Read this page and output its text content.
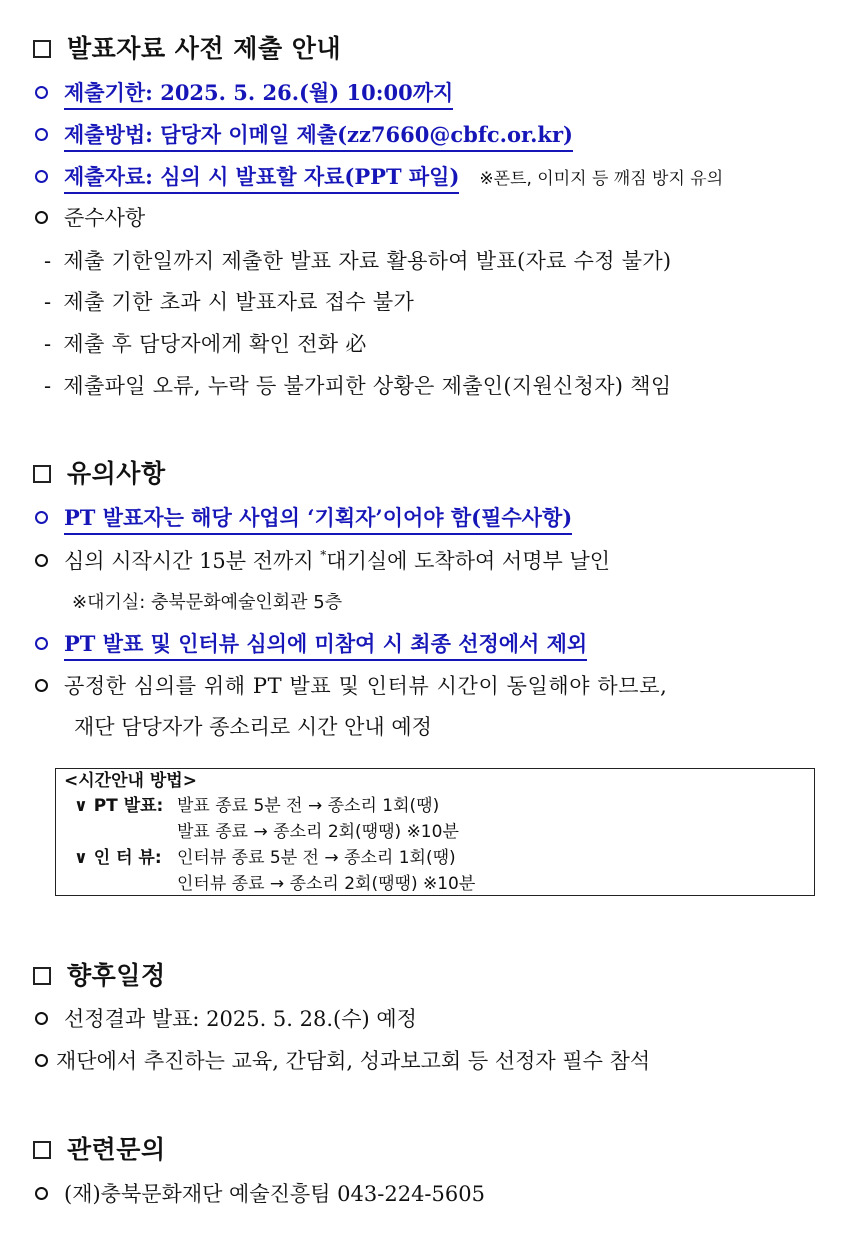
발표자료 사전 제출 안내
제출기한: 2025. 5. 26.(월) 10:00까지
제출방법: 담당자 이메일 제출(zz7660@cbfc.or.kr)
제출자료: 심의 시 발표할 자료(PPT 파일) ※폰트, 이미지 등 깨짐 방지 유의
준수사항
- 제출 기한일까지 제출한 발표 자료 활용하여 발표(자료 수정 불가)
- 제출 기한 초과 시 발표자료 접수 불가
- 제출 후 담당자에게 확인 전화 必
- 제출파일 오류, 누락 등 불가피한 상황은 제출인(지원신청자) 책임
유의사항
PT 발표자는 해당 사업의 ‘기획자’이어야 함(필수사항)
심의 시작시간 15분 전까지 *대기실에 도착하여 서명부 날인
※대기실: 충북문화예술인회관 5층
PT 발표 및 인터뷰 심의에 미참여 시 최종 선정에서 제외
공정한 심의를 위해 PT 발표 및 인터뷰 시간이 동일해야 하므로,
재단 담당자가 종소리로 시간 안내 예정
<시간안내 방법>
∨ PT 발표: 발표 종료 5분 전 → 종소리 1회(땡)
발표 종료 → 종소리 2회(땡땡) ※10분
∨ 인 터 뷰: 인터뷰 종료 5분 전 → 종소리 1회(땡)
인터뷰 종료 → 종소리 2회(땡땡) ※10분
향후일정
선정결과 발표: 2025. 5. 28.(수) 예정
재단에서 추진하는 교육, 간담회, 성과보고회 등 선정자 필수 참석
관련문의
(재)충북문화재단 예술진흥팀 043-224-5605
